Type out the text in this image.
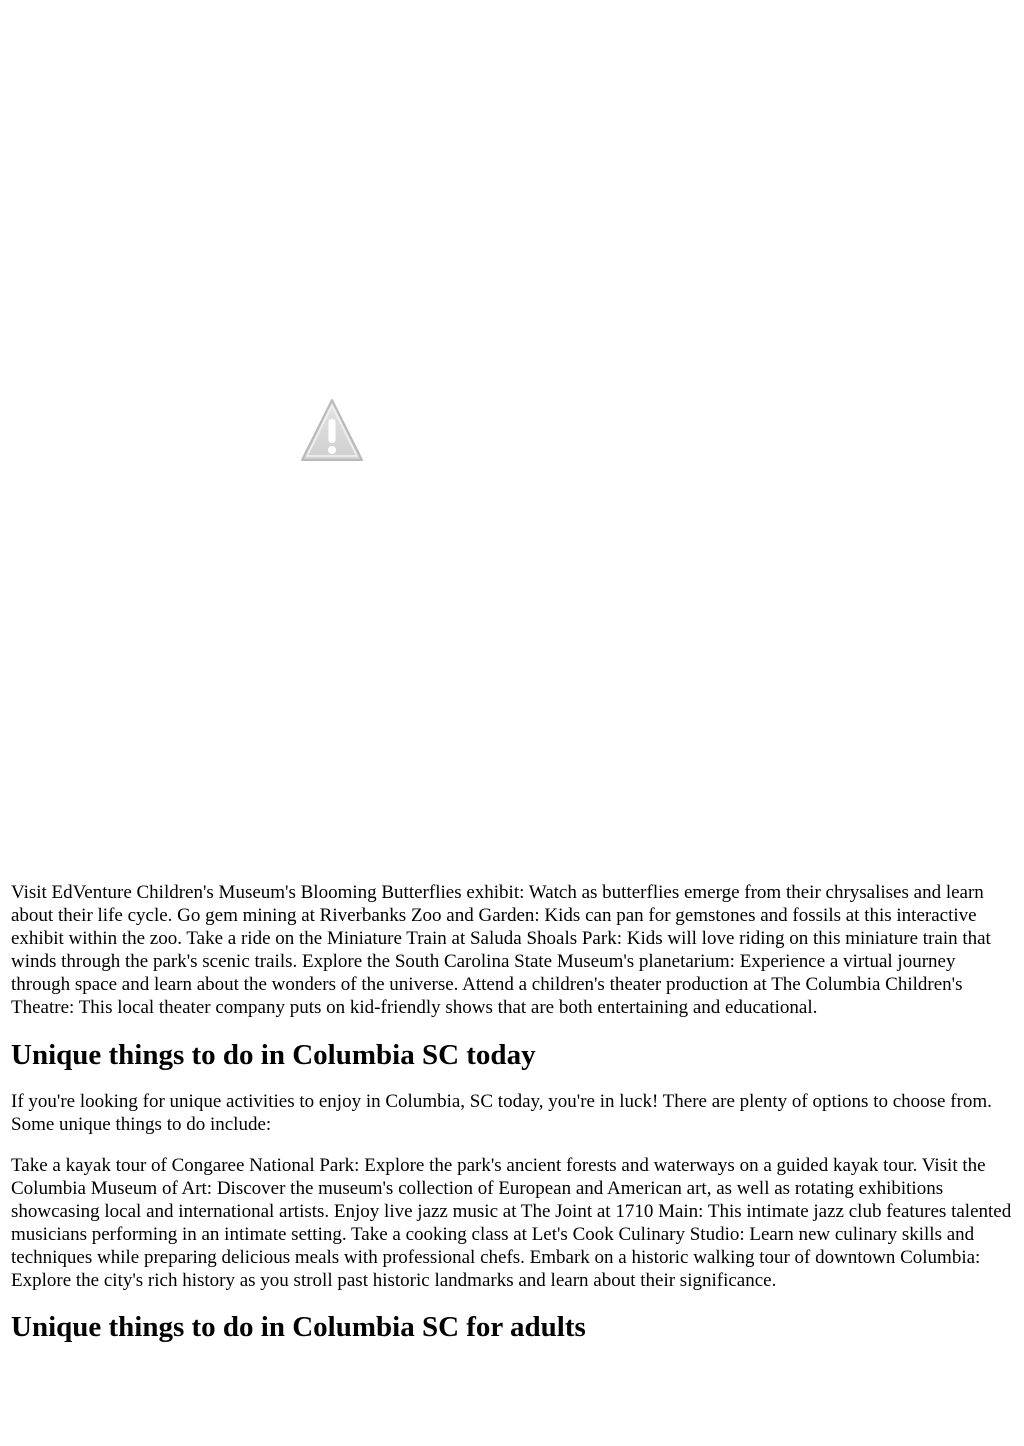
Visit EdVenture Children's Museum's Blooming Butterflies exhibit: Watch as butterflies emerge from their chrysalises and learn about their life cycle. Go gem mining at Riverbanks Zoo and Garden: Kids can pan for gemstones and fossils at this interactive exhibit within the zoo. Take a ride on the Miniature Train at Saluda Shoals Park: Kids will love riding on this miniature train that winds through the park's scenic trails. Explore the South Carolina State Museum's planetarium: Experience a virtual journey through space and learn about the wonders of the universe. Attend a children's theater production at The Columbia Children's Theatre: This local theater company puts on kid-friendly shows that are both entertaining and educational.

Unique things to do in Columbia SC today

If you're looking for unique activities to enjoy in Columbia, SC today, you're in luck! There are plenty of options to choose from. Some unique things to do include:

Take a kayak tour of Congaree National Park: Explore the park's ancient forests and waterways on a guided kayak tour. Visit the Columbia Museum of Art: Discover the museum's collection of European and American art, as well as rotating exhibitions showcasing local and international artists. Enjoy live jazz music at The Joint at 1710 Main: This intimate jazz club features talented musicians performing in an intimate setting. Take a cooking class at Let's Cook Culinary Studio: Learn new culinary skills and techniques while preparing delicious meals with professional chefs. Embark on a historic walking tour of downtown Columbia: Explore the city's rich history as you stroll past historic landmarks and learn about their significance.

Unique things to do in Columbia SC for adults
